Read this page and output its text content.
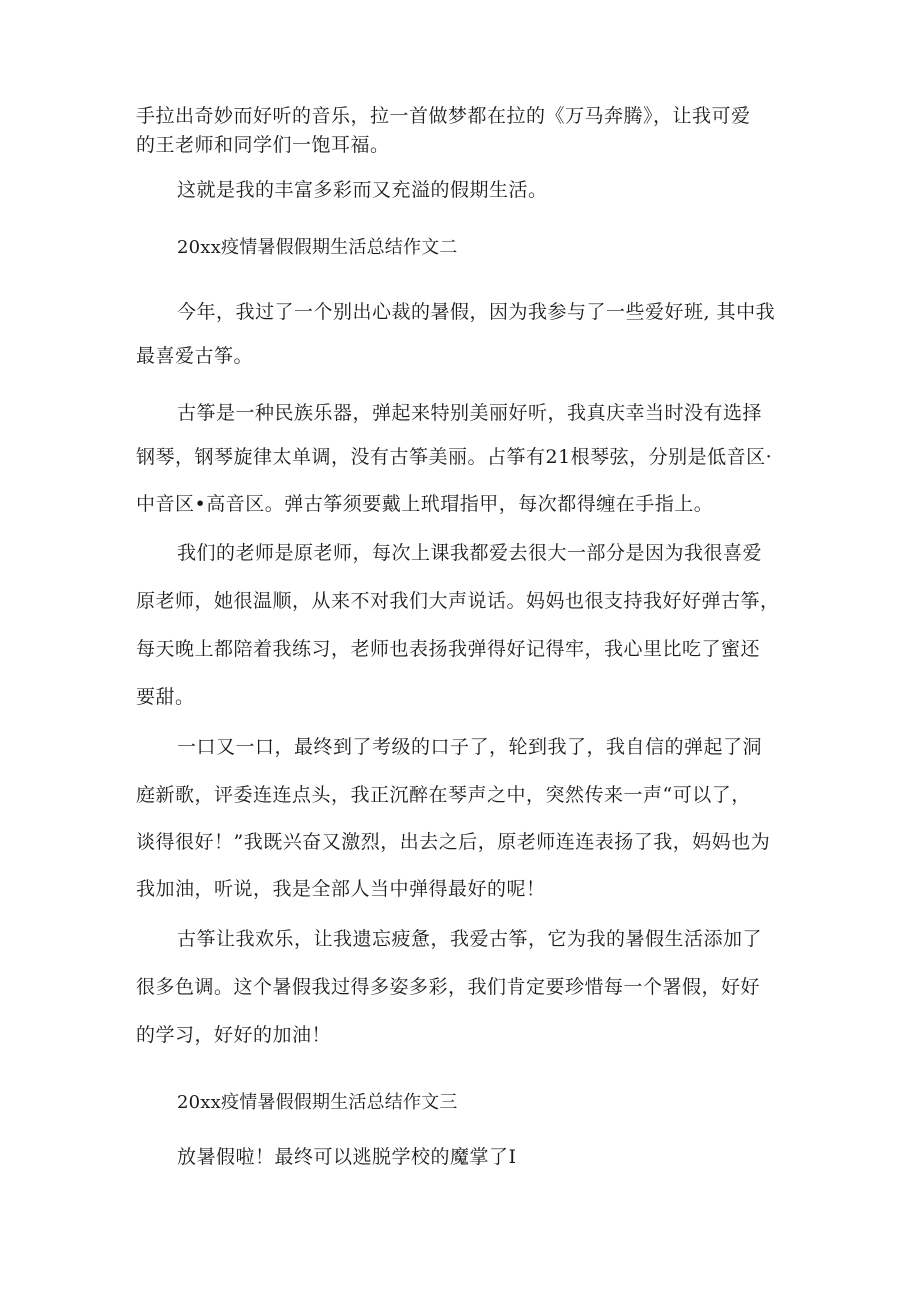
手拉出奇妙而好听的音乐，拉一首做梦都在拉的《万马奔腾》，让我可爱
的王老师和同学们一饱耳福。
这就是我的丰富多彩而又充溢的假期生活。
20xx疫情暑假假期生活总结作文二
今年，我过了一个别出心裁的暑假，因为我参与了一些爱好班, 其中我
最喜爱古筝。
古筝是一种民族乐器，弹起来特别美丽好听，我真庆幸当时没有选择
钢琴，钢琴旋律太单调，没有古筝美丽。占筝有21根琴弦，分别是低音区·
中音区•高音区。弹古筝须要戴上玳瑁指甲，每次都得缠在手指上。
我们的老师是原老师，每次上课我都爱去很大一部分是因为我很喜爱
原老师，她很温顺，从来不对我们大声说话。妈妈也很支持我好好弹古筝，
每天晚上都陪着我练习，老师也表扬我弹得好记得牢，我心里比吃了蜜还
要甜。
一口又一口，最终到了考级的口子了，轮到我了，我自信的弹起了洞
庭新歌，评委连连点头，我正沉醉在琴声之中，突然传来一声“可以了，
谈得很好！”我既兴奋又激烈，出去之后，原老师连连表扬了我，妈妈也为
我加油，听说，我是全部人当中弹得最好的呢！
古筝让我欢乐，让我遗忘疲惫，我爱古筝，它为我的暑假生活添加了
很多色调。这个暑假我过得多姿多彩，我们肯定要珍惜每一个署假，好好
的学习，好好的加油！
20xx疫情暑假假期生活总结作文三
放暑假啦！最终可以逃脱学校的魔掌了I
